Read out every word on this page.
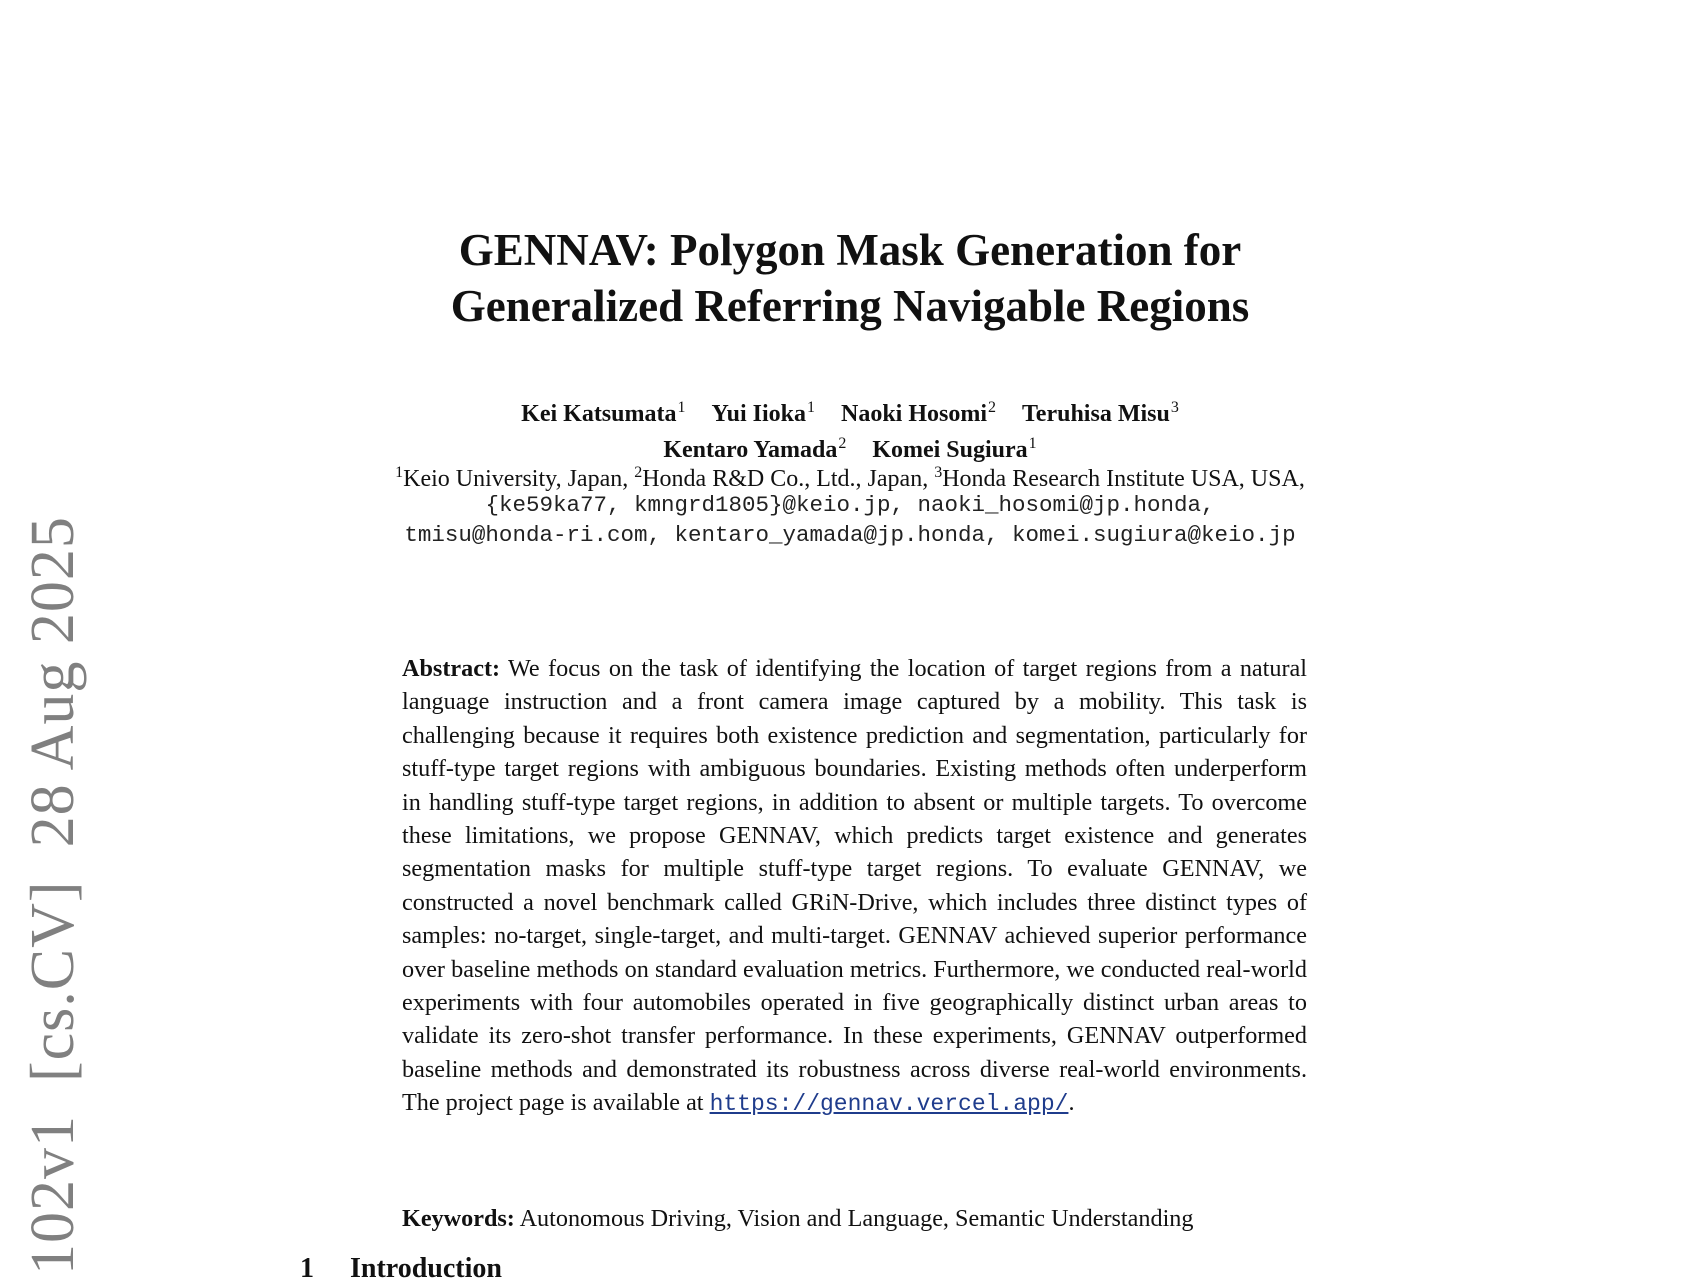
102v1  [cs.CV]  28 Aug 2025
GENNAV: Polygon Mask Generation for
Generalized Referring Navigable Regions
Kei Katsumata$^1$ Yui Iioka$^1$ Naoki Hosomi$^2$ Teruhisa Misu$^3$
Kentaro Yamada$^2$ Komei Sugiura$^1$
$^1$Keio University, Japan, $^2$Honda R&D Co., Ltd., Japan, $^3$Honda Research Institute USA, USA,
{ke59ka77, kmngrd1805}@keio.jp, naoki_hosomi@jp.honda,
tmisu@honda-ri.com, kentaro_yamada@jp.honda, komei.sugiura@keio.jp
Abstract: We focus on the task of identifying the location of target regions from a natural language instruction and a front camera image captured by a mobility. This task is challenging because it requires both existence prediction and segmentation, particularly for stuff-type target regions with ambiguous boundaries. Existing methods often underperform in handling stuff-type target regions, in addition to absent or multiple targets. To overcome these limitations, we propose GENNAV, which predicts target existence and generates segmentation masks for multiple stuff-type target regions. To evaluate GENNAV, we constructed a novel benchmark called GRiN-Drive, which includes three distinct types of samples: no-target, single-target, and multi-target. GENNAV achieved superior performance over baseline methods on standard evaluation metrics. Furthermore, we conducted real-world experiments with four automobiles operated in five geographically distinct urban areas to validate its zero-shot transfer performance. In these experiments, GENNAV outperformed baseline methods and demonstrated its robustness across diverse real-world environments. The project page is available at https://gennav.vercel.app/.
Keywords: Autonomous Driving, Vision and Language, Semantic Understanding
1 Introduction
